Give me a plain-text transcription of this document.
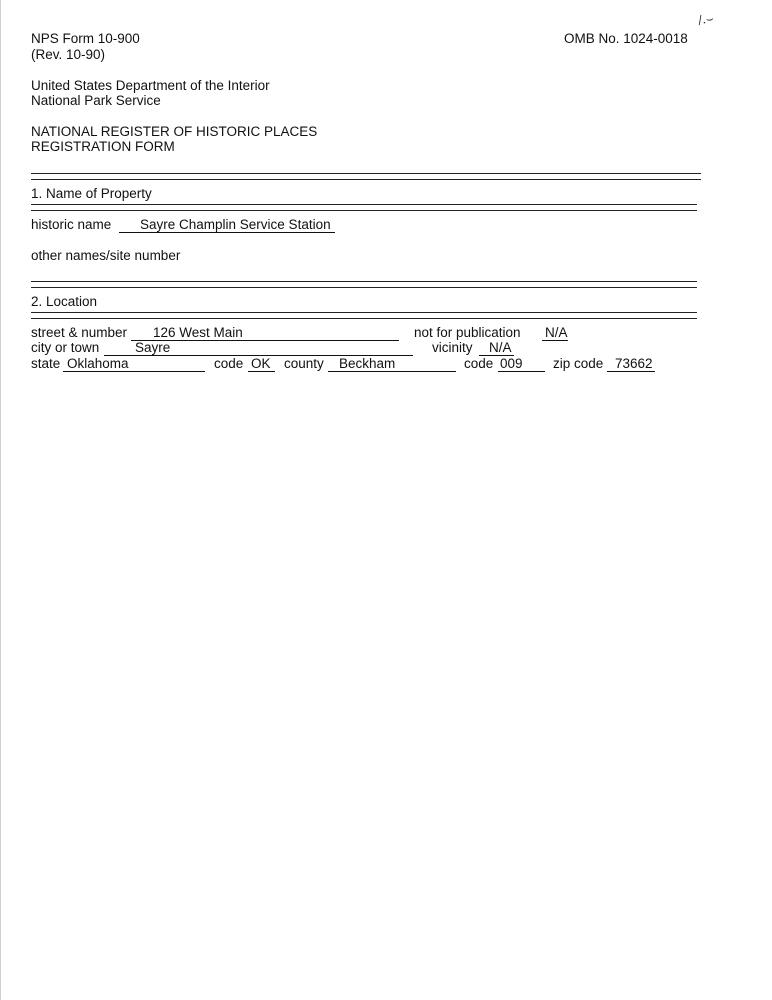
/.⌣
NPS Form 10-900
(Rev. 10-90)
OMB No. 1024-0018
United States Department of the Interior
National Park Service
NATIONAL REGISTER OF HISTORIC PLACES
REGISTRATION FORM
1. Name of Property
historic name	Sayre Champlin Service Station
other names/site number
2. Location
street & number	126 West Main	not for publication N/A
city or town	Sayre	vicinity	N/A
state Oklahoma	code OK county	Beckham	code 009	zip code 73662
